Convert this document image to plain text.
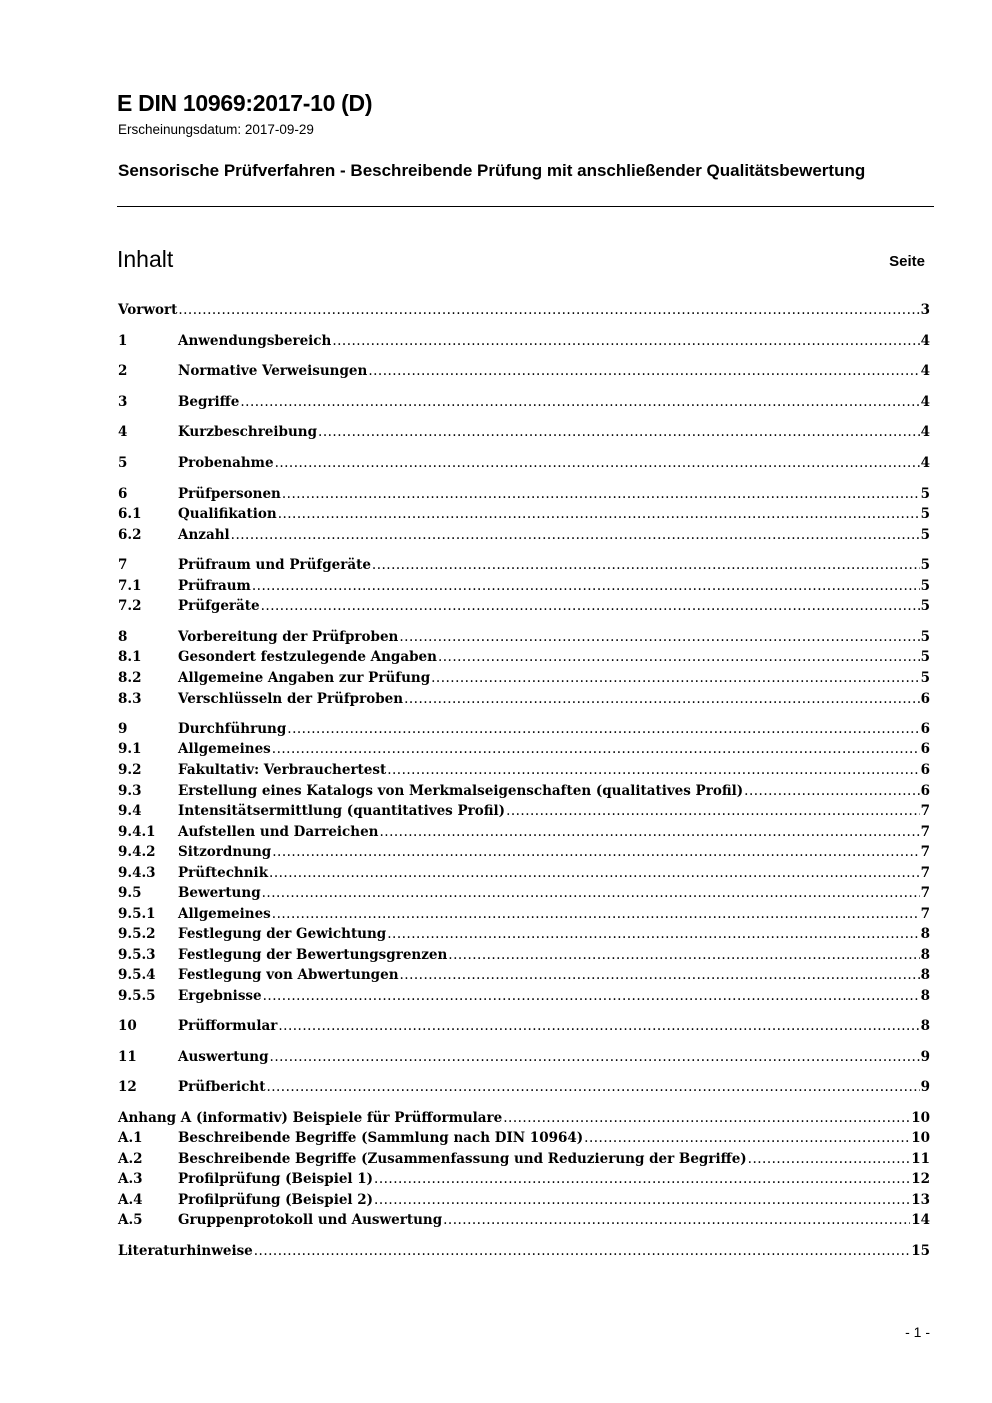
E DIN 10969:2017-10 (D)
Erscheinungsdatum: 2017-09-29
Sensorische Prüfverfahren - Beschreibende Prüfung mit anschließender Qualitätsbewertung
Inhalt	Seite
Vorwort .....	3
1	Anwendungsbereich .....	4
2	Normative Verweisungen .....	4
3	Begriffe .....	4
4	Kurzbeschreibung .....	4
5	Probenahme .....	4
6	Prüfpersonen .....	5
6.1	Qualifikation .....	5
6.2	Anzahl .....	5
7	Prüfraum und Prüfgeräte .....	5
7.1	Prüfraum .....	5
7.2	Prüfgeräte .....	5
8	Vorbereitung der Prüfproben .....	5
8.1	Gesondert festzulegende Angaben .....	5
8.2	Allgemeine Angaben zur Prüfung .....	5
8.3	Verschlüsseln der Prüfproben .....	6
9	Durchführung .....	6
9.1	Allgemeines .....	6
9.2	Fakultativ: Verbrauchertest .....	6
9.3	Erstellung eines Katalogs von Merkmalseigenschaften (qualitatives Profil) .....	6
9.4	Intensitätsermittlung (quantitatives Profil) .....	7
9.4.1	Aufstellen und Darreichen .....	7
9.4.2	Sitzordnung .....	7
9.4.3	Prüftechnik .....	7
9.5	Bewertung .....	7
9.5.1	Allgemeines .....	7
9.5.2	Festlegung der Gewichtung .....	8
9.5.3	Festlegung der Bewertungsgrenzen .....	8
9.5.4	Festlegung von Abwertungen .....	8
9.5.5	Ergebnisse .....	8
10	Prüfformular .....	8
11	Auswertung .....	9
12	Prüfbericht .....	9
Anhang A (informativ) Beispiele für Prüfformulare .....	10
A.1	Beschreibende Begriffe (Sammlung nach DIN 10964) .....	10
A.2	Beschreibende Begriffe (Zusammenfassung und Reduzierung der Begriffe) .....	11
A.3	Profilprüfung (Beispiel 1) .....	12
A.4	Profilprüfung (Beispiel 2) .....	13
A.5	Gruppenprotokoll und Auswertung .....	14
Literaturhinweise .....	15
- 1 -
